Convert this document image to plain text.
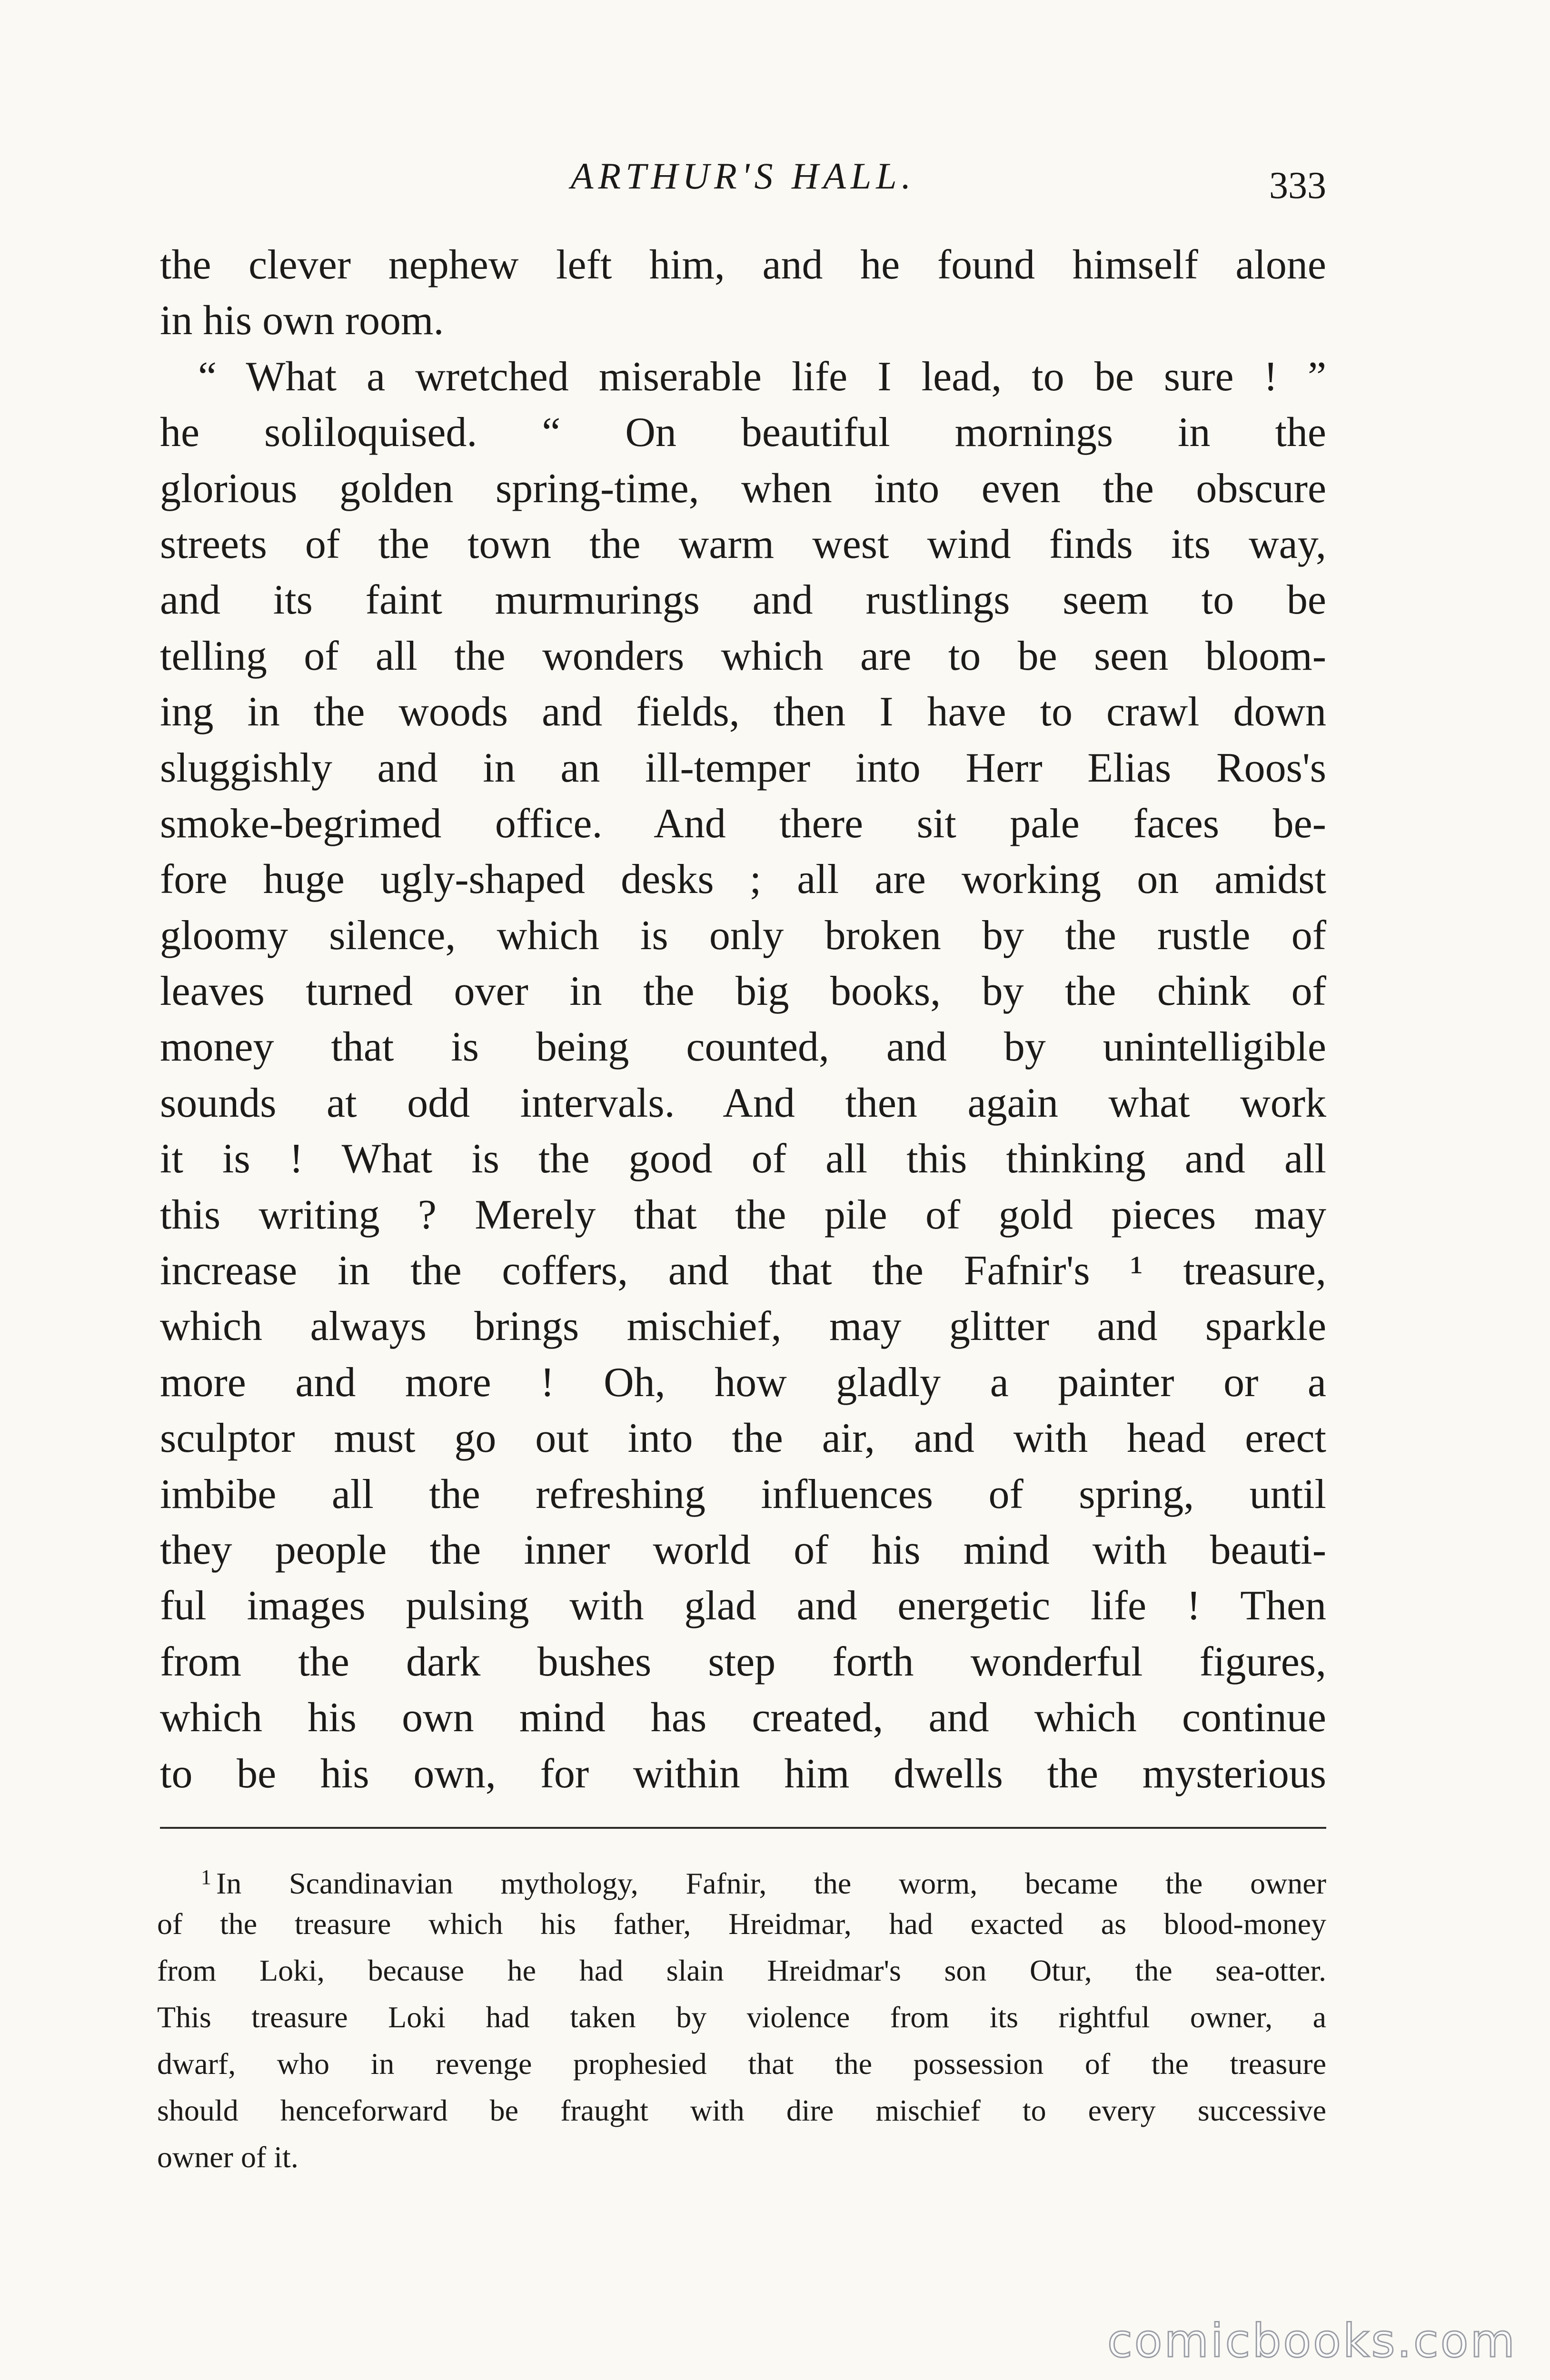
ARTHUR'S HALL.	333
the clever nephew left him, and he found himself alone
in his own room.
“ What a wretched miserable life I lead, to be sure ! ”
he soliloquised. “ On beautiful mornings in the
glorious golden spring-time, when into even the obscure
streets of the town the warm west wind finds its way,
and its faint murmurings and rustlings seem to be
telling of all the wonders which are to be seen bloom-
ing in the woods and fields, then I have to crawl down
sluggishly and in an ill-temper into Herr Elias Roos's
smoke-begrimed office. And there sit pale faces be-
fore huge ugly-shaped desks ; all are working on amidst
gloomy silence, which is only broken by the rustle of
leaves turned over in the big books, by the chink of
money that is being counted, and by unintelligible
sounds at odd intervals. And then again what work
it is ! What is the good of all this thinking and all
this writing ? Merely that the pile of gold pieces may
increase in the coffers, and that the Fafnir's ¹ treasure,
which always brings mischief, may glitter and sparkle
more and more ! Oh, how gladly a painter or a
sculptor must go out into the air, and with head erect
imbibe all the refreshing influences of spring, until
they people the inner world of his mind with beauti-
ful images pulsing with glad and energetic life ! Then
from the dark bushes step forth wonderful figures,
which his own mind has created, and which continue
to be his own, for within him dwells the mysterious
$^1$ In Scandinavian mythology, Fafnir, the worm, became the owner
of the treasure which his father, Hreidmar, had exacted as blood-money
from Loki, because he had slain Hreidmar's son Otur, the sea-otter.
This treasure Loki had taken by violence from its rightful owner, a
dwarf, who in revenge prophesied that the possession of the treasure
should henceforward be fraught with dire mischief to every successive
owner of it.
comicbooks.com
